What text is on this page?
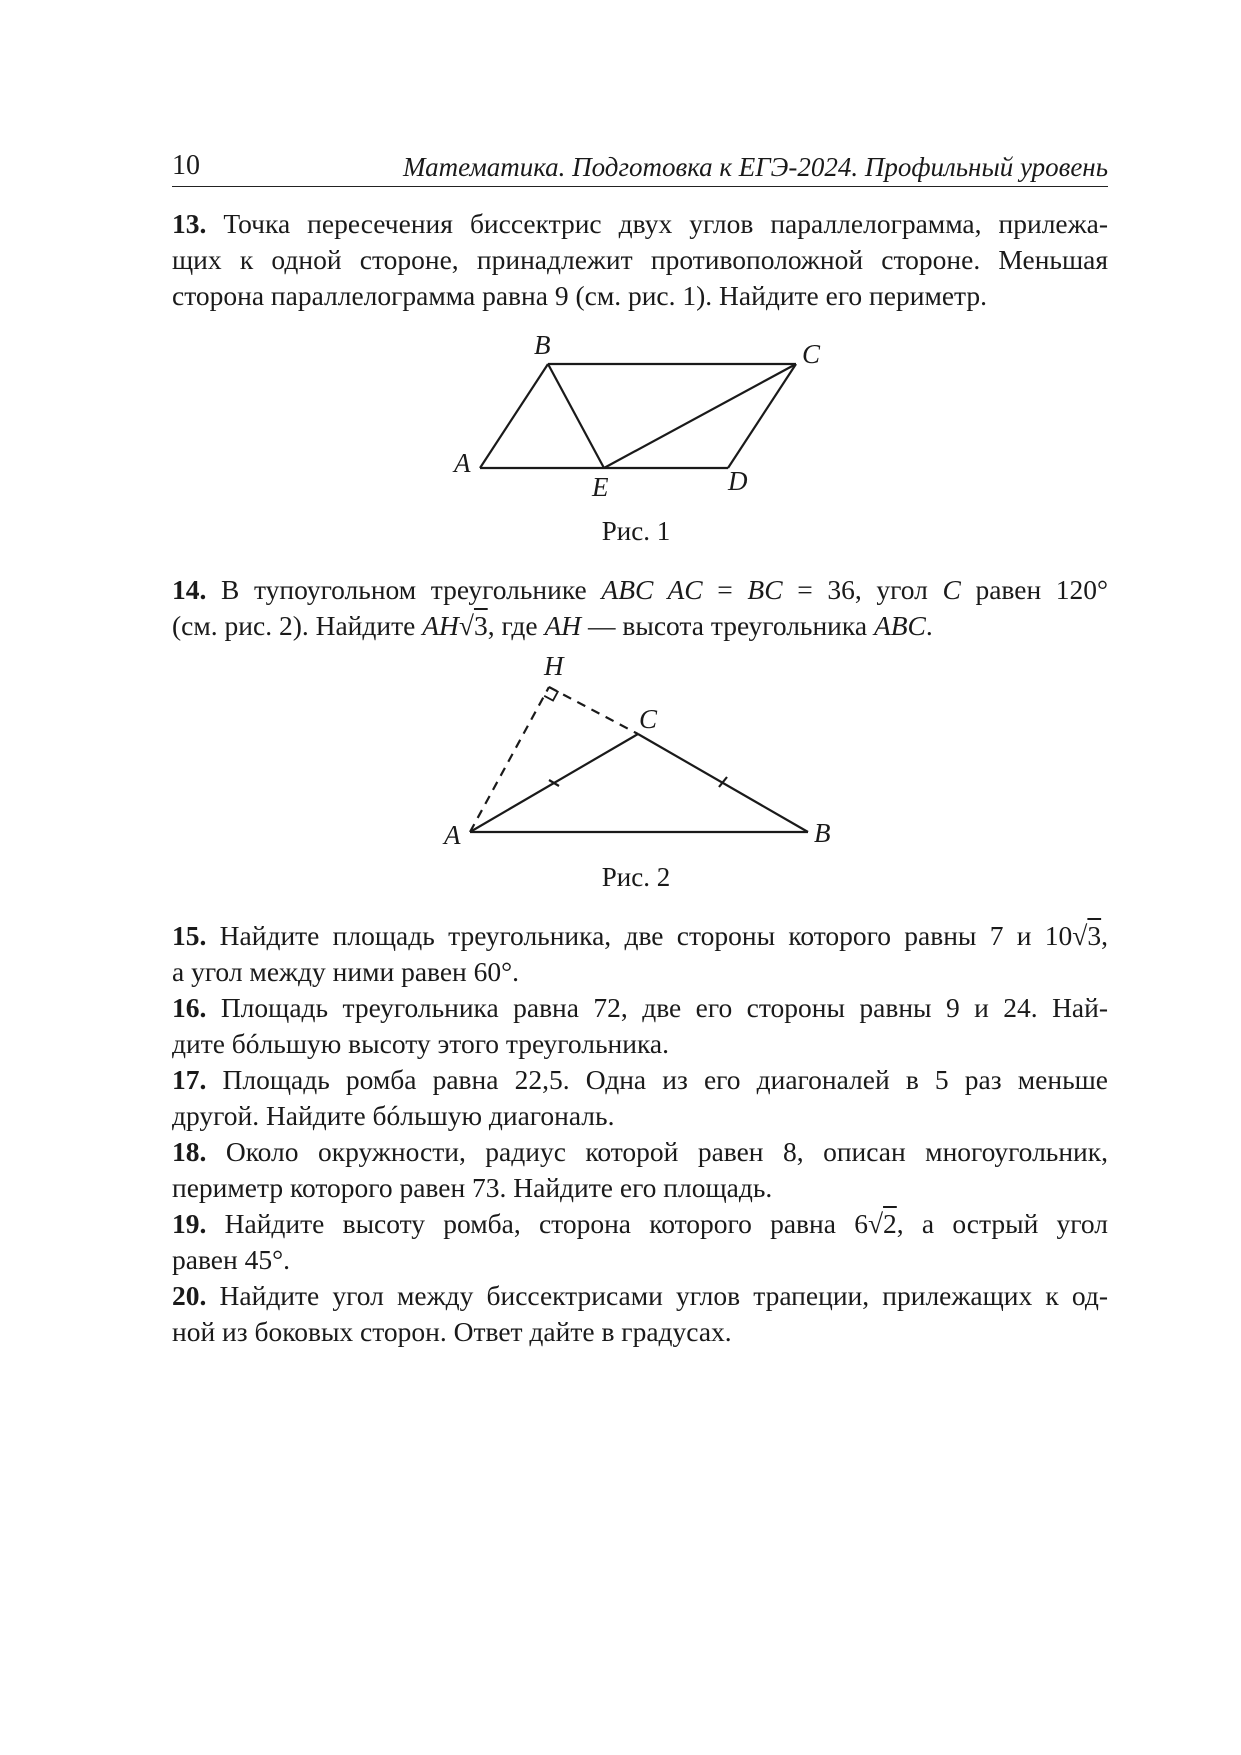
10	Математика. Подготовка к ЕГЭ-2024. Профильный уровень
13. Точка пересечения биссектрис двух углов параллелограмма, прилежа-
щих к одной стороне, принадлежит противоположной стороне. Меньшая
сторона параллелограмма равна 9 (см. рис. 1). Найдите его периметр.
A
B	C
D
E
Рис. 1
14. В тупоугольном треугольнике ABC AC = BC = 36, угол C равен 120°
(см. рис. 2). Найдите AH√3, где AH — высота треугольника ABC.
A	B
C
H
Рис. 2
15. Найдите площадь треугольника, две стороны которого равны 7 и 10√3,
а угол между ними равен 60°.
16. Площадь треугольника равна 72, две его стороны равны 9 и 24. Най-
дите бóльшую высоту этого треугольника.
17. Площадь ромба равна 22,5. Одна из его диагоналей в 5 раз меньше
другой. Найдите бóльшую диагональ.
18. Около окружности, радиус которой равен 8, описан многоугольник,
периметр которого равен 73. Найдите его площадь.
19. Найдите высоту ромба, сторона которого равна 6√2, а острый угол
равен 45°.
20. Найдите угол между биссектрисами углов трапеции, прилежащих к од-
ной из боковых сторон. Ответ дайте в градусах.
